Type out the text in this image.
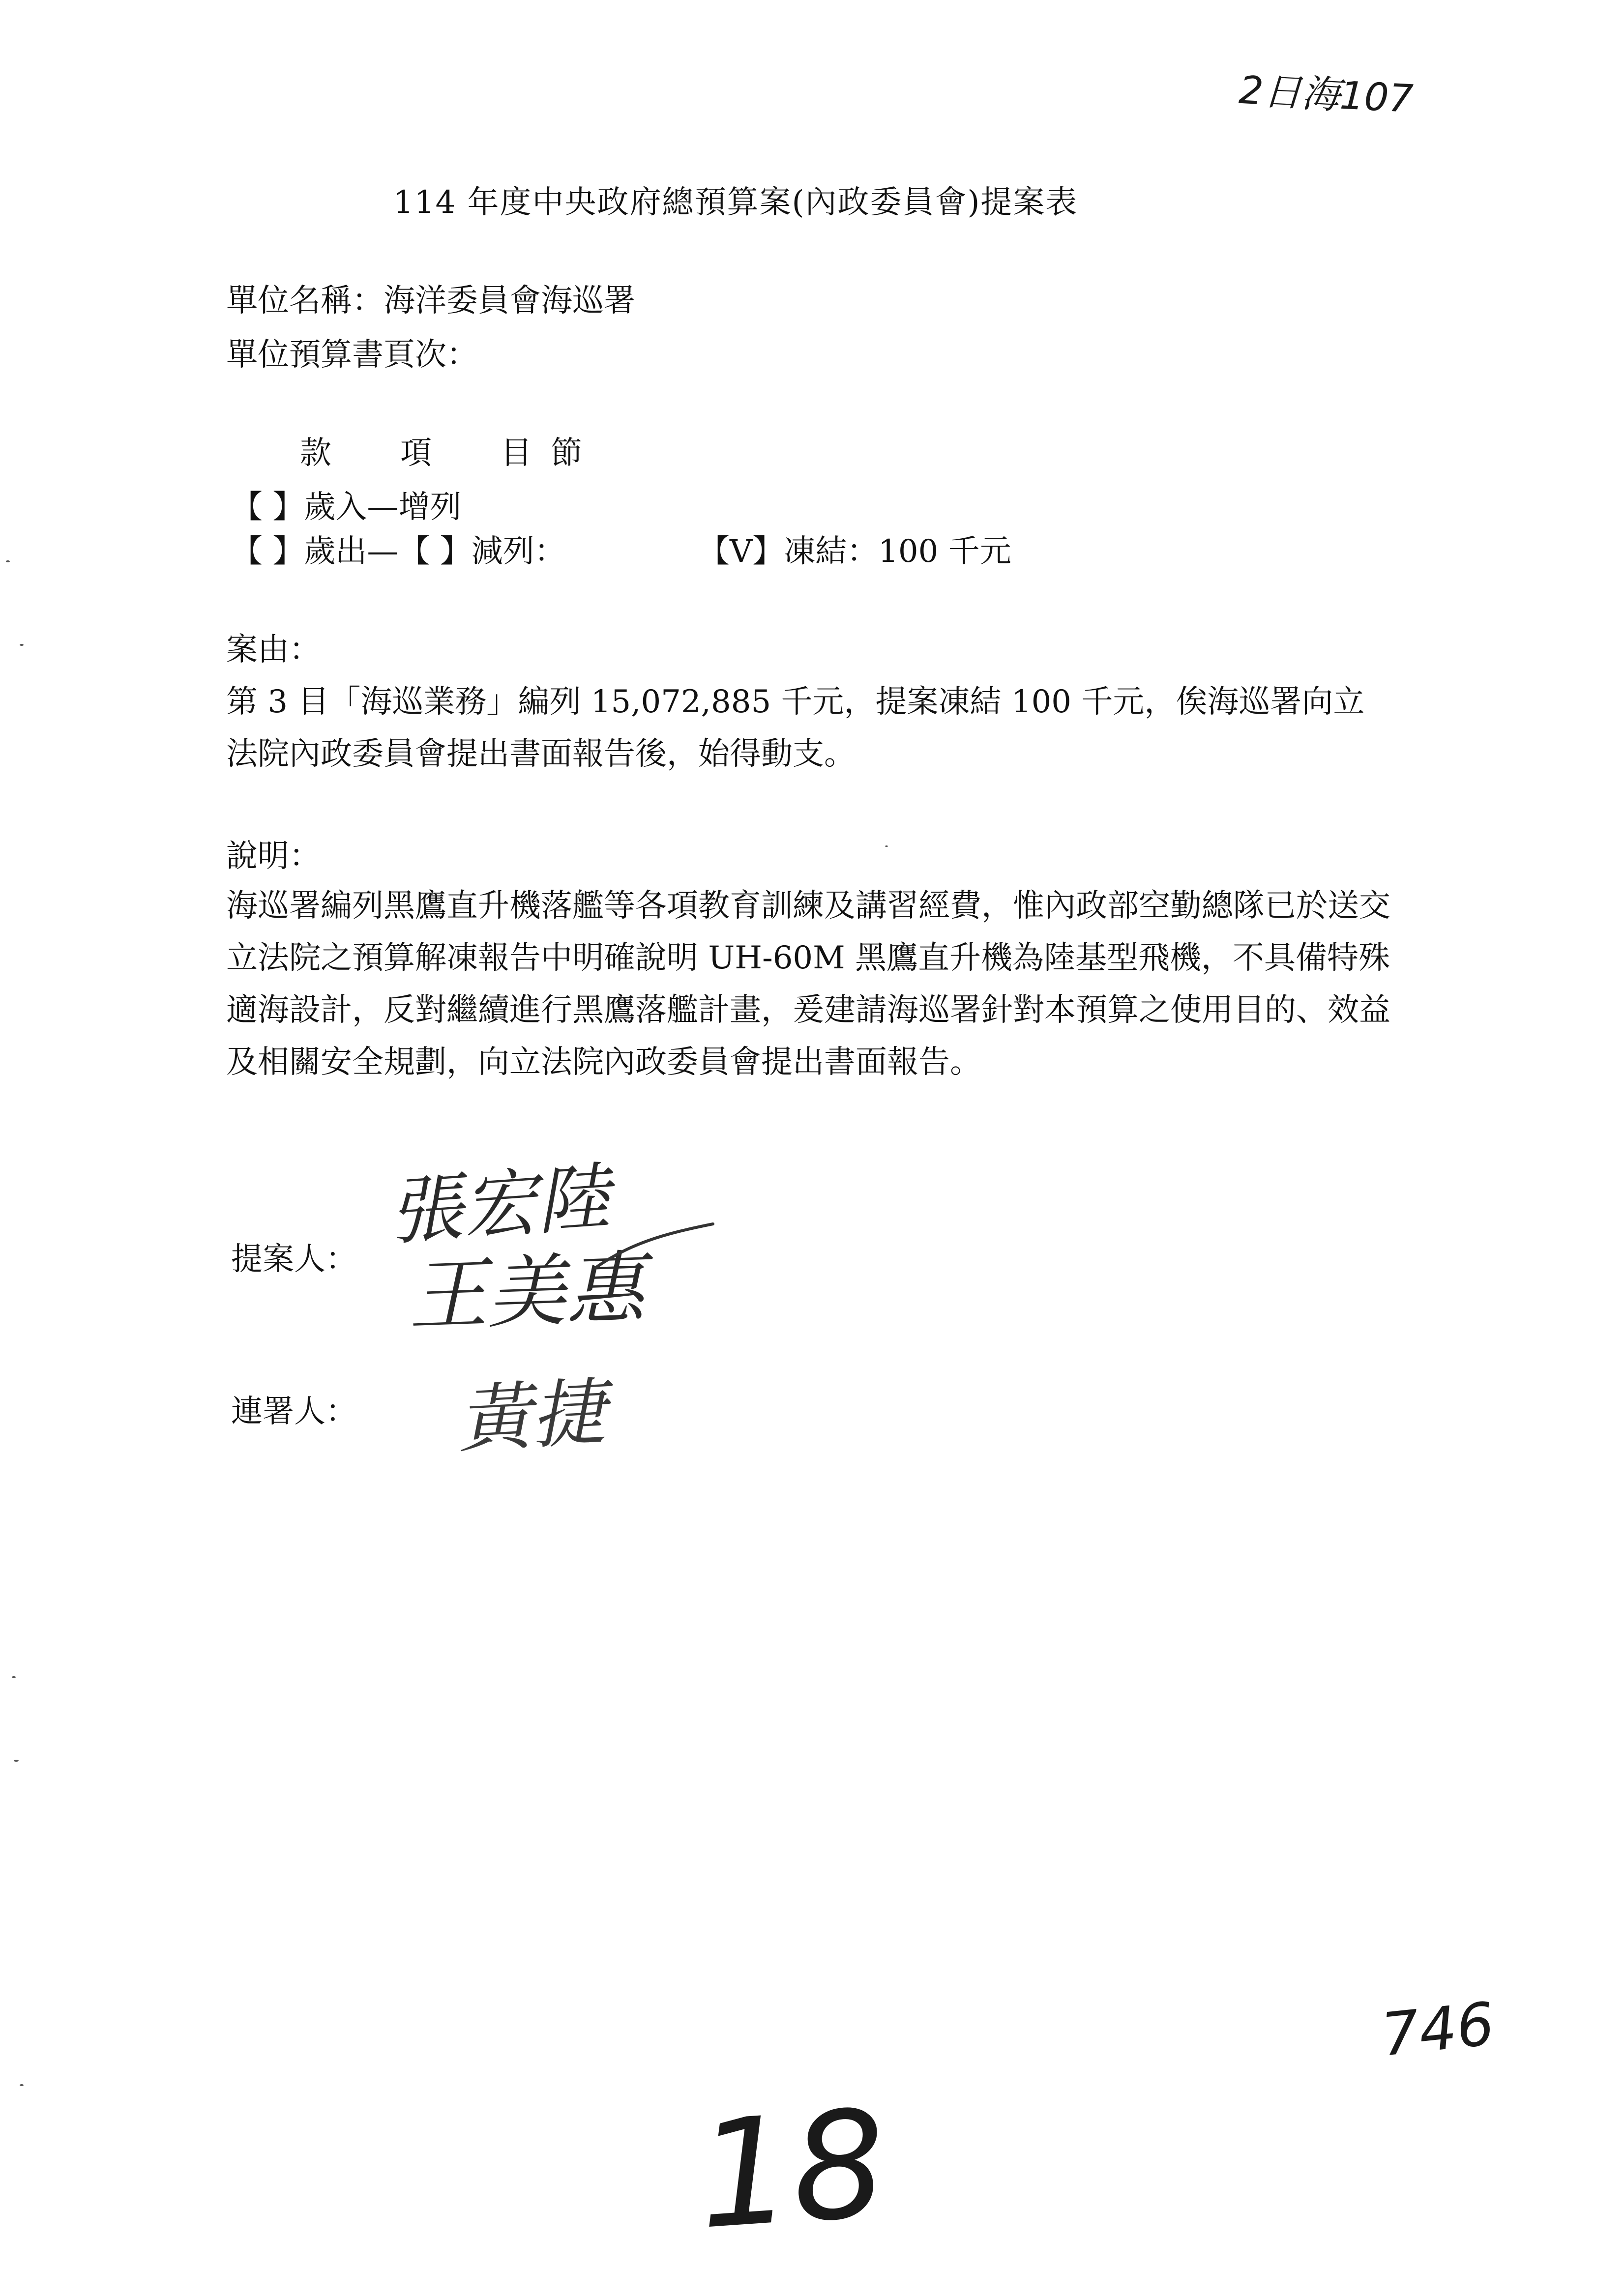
2日海107
114 年度中央政府總預算案(內政委員會)提案表
單位名稱： 海洋委員會海巡署
單位預算書頁次：
款　項　目節
【 】歲入—增列
【 】歲出—【 】減列：	【V】凍結：100 千元
案由：
第 3 目「海巡業務」編列 15,072,885 千元，提案凍結 100 千元，俟海巡署向立法院內政委員會提出書面報告後，始得動支。
說明：
海巡署編列黑鷹直升機落艦等各項教育訓練及講習經費，惟內政部空勤總隊已於送交立法院之預算解凍報告中明確說明 UH-60M 黑鷹直升機為陸基型飛機，不具備特殊適海設計，反對繼續進行黑鷹落艦計畫，爰建請海巡署針對本預算之使用目的、效益及相關安全規劃，向立法院內政委員會提出書面報告。
提案人：
張宏陸
王美惠
連署人： 黃捷
746
18
